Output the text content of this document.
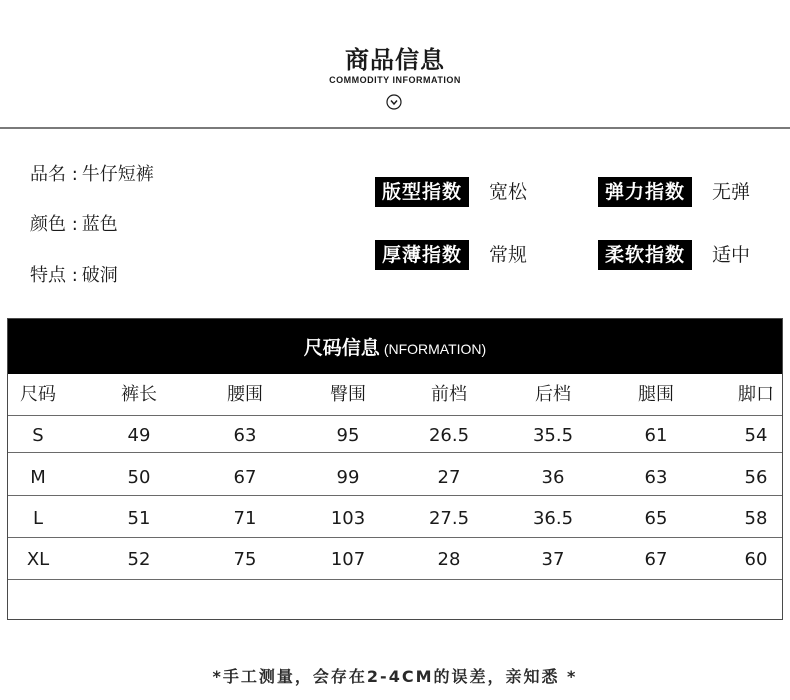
商品信息
COMMODITY INFORMATION
品名 : 牛仔短裤
颜色 : 蓝色
特点 : 破洞
版型指数	宽松	弹力指数	无弹
厚薄指数	常规	柔软指数	适中
尺码信息 (NFORMATION)
尺码	裤长	腰围	臀围	前档	后档	腿围	脚口
S	49	63	95	26.5	35.5	61	54
M	50	67	99	27	36	63	56
L	51	71	103	27.5	36.5	65	58
XL	52	75	107	28	37	67	60
*手工测量，会存在2-4CM的误差，亲知悉 *
